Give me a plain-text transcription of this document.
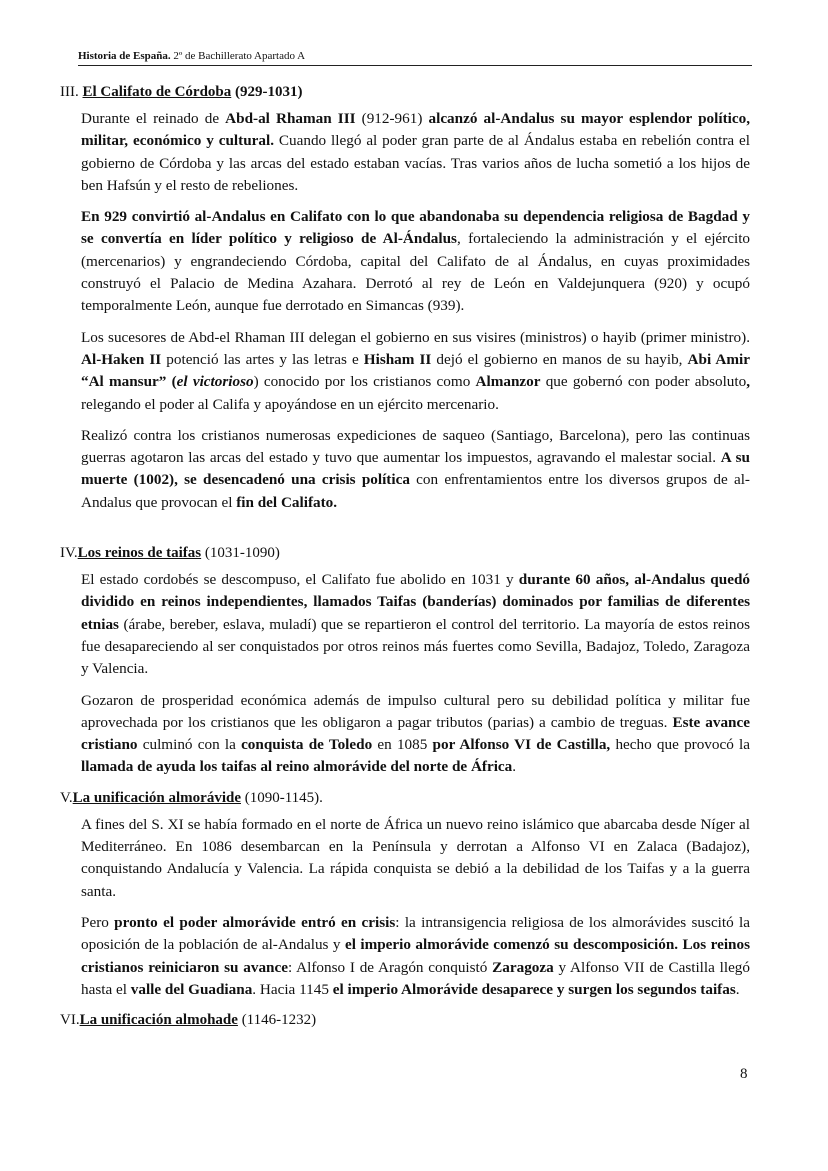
Historia de España. 2º de Bachillerato Apartado A
III. El Califato de Córdoba (929-1031)

Durante el reinado de Abd-al Rhaman III (912-961) alcanzó al-Andalus su mayor esplendor político, militar, económico y cultural. Cuando llegó al poder gran parte de al Ándalus estaba en rebelión contra el gobierno de Córdoba y las arcas del estado estaban vacías. Tras varios años de lucha sometió a los hijos de ben Hafsún y el resto de rebeliones.

En 929 convirtió al-Andalus en Califato con lo que abandonaba su dependencia religiosa de Bagdad y se convertía en líder político y religioso de Al-Ándalus, fortaleciendo la administración y el ejército (mercenarios) y engrandeciendo Córdoba, capital del Califato de al Ándalus, en cuyas proximidades construyó el Palacio de Medina Azahara. Derrotó al rey de León en Valdejunquera (920) y ocupó temporalmente León, aunque fue derrotado en Simancas (939).

Los sucesores de Abd-el Rhaman III delegan el gobierno en sus visires (ministros) o hayib (primer ministro). Al-Haken II potenció las artes y las letras e Hisham II dejó el gobierno en manos de su hayib, Abi Amir “Al mansur” (el victorioso) conocido por los cristianos como Almanzor que gobernó con poder absoluto, relegando el poder al Califa y apoyándose en un ejército mercenario.

Realizó contra los cristianos numerosas expediciones de saqueo (Santiago, Barcelona), pero las continuas guerras agotaron las arcas del estado y tuvo que aumentar los impuestos, agravando el malestar social. A su muerte (1002), se desencadenó una crisis política con enfrentamientos entre los diversos grupos de al-Andalus que provocan el fin del Califato.

IV.Los reinos de taifas (1031-1090)

El estado cordobés se descompuso, el Califato fue abolido en 1031 y durante 60 años, al-Andalus quedó dividido en reinos independientes, llamados Taifas (banderías) dominados por familias de diferentes etnias (árabe, bereber, eslava, muladí) que se repartieron el control del territorio. La mayoría de estos reinos fue desapareciendo al ser conquistados por otros reinos más fuertes como Sevilla, Badajoz, Toledo, Zaragoza y Valencia.

Gozaron de prosperidad económica además de impulso cultural pero su debilidad política y militar fue aprovechada por los cristianos que les obligaron a pagar tributos (parias) a cambio de treguas. Este avance cristiano culminó con la conquista de Toledo en 1085 por Alfonso VI de Castilla, hecho que provocó la llamada de ayuda los taifas al reino almorávide del norte de África.

V.La unificación almorávide (1090-1145).

A fines del S. XI se había formado en el norte de África un nuevo reino islámico que abarcaba desde Níger al Mediterráneo. En 1086 desembarcan en la Península y derrotan a Alfonso VI en Zalaca (Badajoz), conquistando Andalucía y Valencia. La rápida conquista se debió a la debilidad de los Taifas y a la guerra santa.

Pero pronto el poder almorávide entró en crisis: la intransigencia religiosa de los almorávides suscitó la oposición de la población de al-Andalus y el imperio almorávide comenzó su descomposición. Los reinos cristianos reiniciaron su avance: Alfonso I de Aragón conquistó Zaragoza y Alfonso VII de Castilla llegó hasta el valle del Guadiana. Hacia 1145 el imperio Almorávide desaparece y surgen los segundos taifas.

VI.La unificación almohade (1146-1232)
8
